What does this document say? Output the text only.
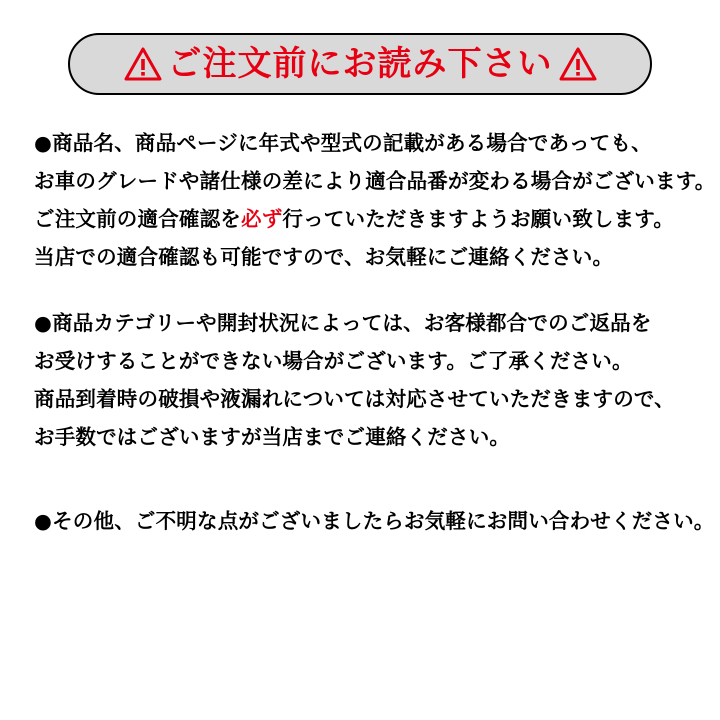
ご注文前にお読み下さい
●商品名、商品ページに年式や型式の記載がある場合であっても、
お車のグレードや諸仕様の差により適合品番が変わる場合がございます。
ご注文前の適合確認を必ず行っていただきますようお願い致します。
当店での適合確認も可能ですので、お気軽にご連絡ください。
●商品カテゴリーや開封状況によっては、お客様都合でのご返品を
お受けすることができない場合がございます。ご了承ください。
商品到着時の破損や液漏れについては対応させていただきますので、
お手数ではございますが当店までご連絡ください。
●その他、ご不明な点がございましたらお気軽にお問い合わせください。
